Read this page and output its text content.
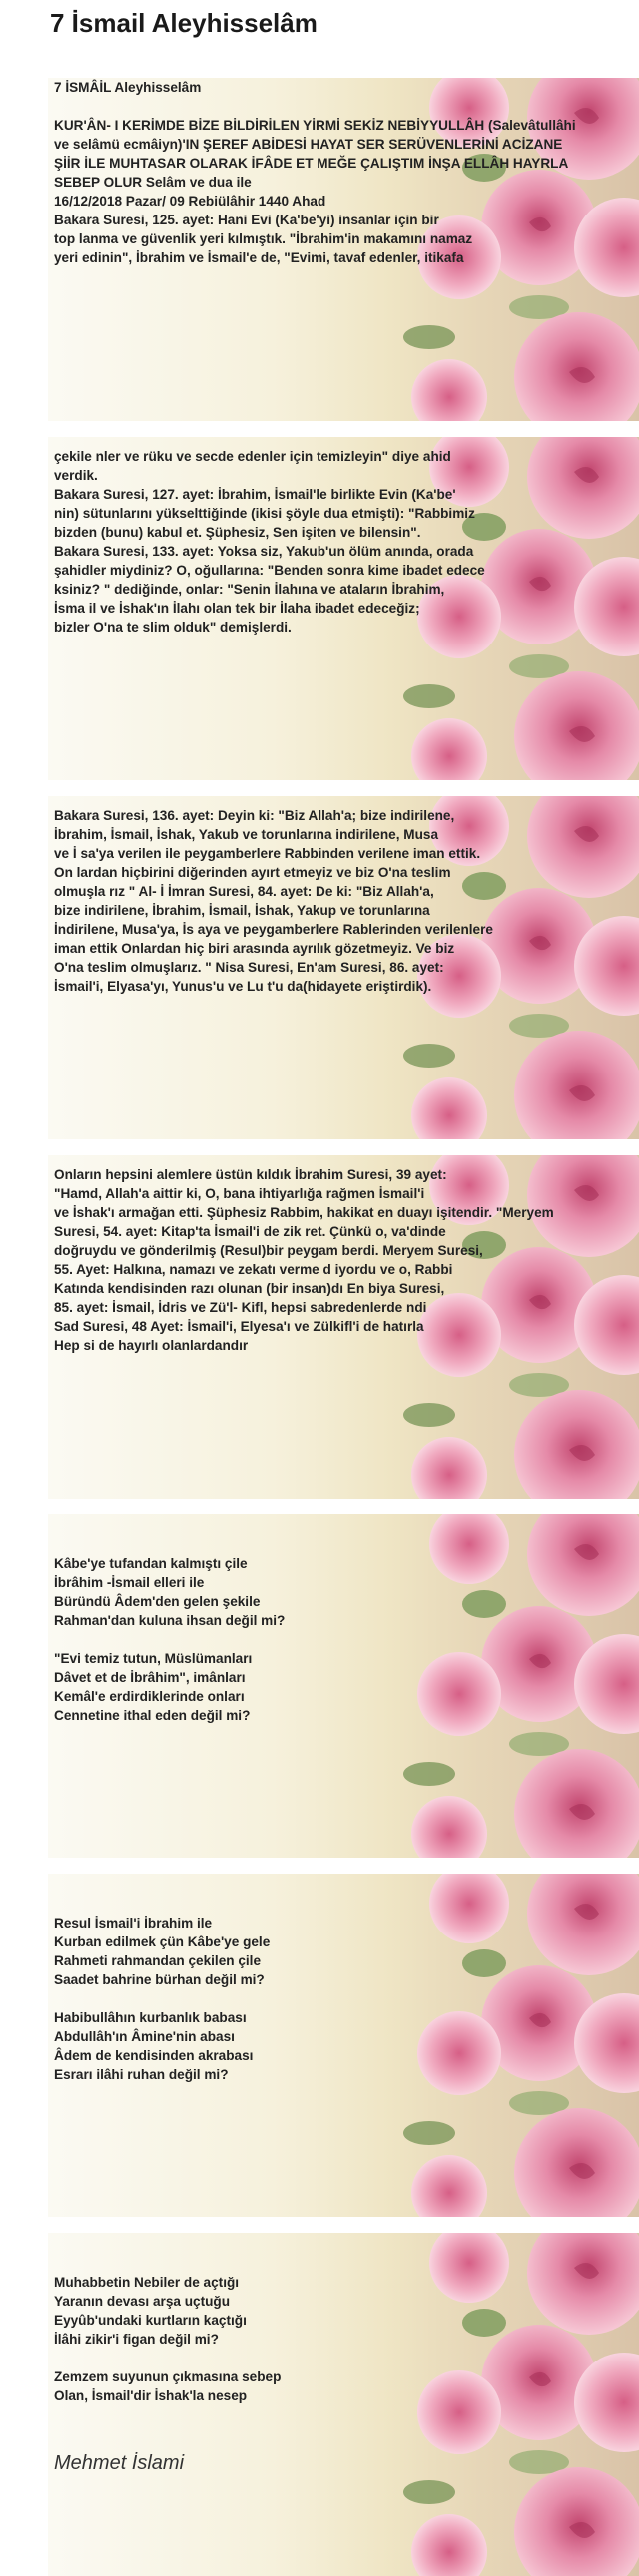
7 İsmail Aleyhisselâm
7 İSMÂİL Aleyhisselâm

KUR'ÂN- I KERİMDE BİZE BİLDİRİLEN YİRMİ SEKİZ NEBİYYULLÂH (Salevâtullâhi
ve selâmü ecmâiyn)'IN ŞEREF ABİDESİ HAYAT SER SERÜVENLERİNİ ACİZANE
ŞİİR İLE MUHTASAR OLARAK İFÂDE ET MEĞE ÇALIŞTIM İNŞA ELLÂH HAYRLA
SEBEP OLUR Selâm ve dua ile
16/12/2018 Pazar/ 09 Rebiülâhir 1440 Ahad
Bakara Suresi, 125. ayet: Hani Evi (Ka'be'yi) insanlar için bir
top lanma ve güvenlik yeri kılmıştık. "İbrahim'in makamını namaz
yeri edinin", İbrahim ve İsmail'e de, "Evimi, tavaf edenler, itikafa
çekile nler ve rüku ve secde edenler için temizleyin" diye ahid
verdik.
Bakara Suresi, 127. ayet: İbrahim, İsmail'le birlikte Evin (Ka'be'
nin) sütunlarını yükselttiğinde (ikisi şöyle dua etmişti): "Rabbimiz
bizden (bunu) kabul et. Şüphesiz, Sen işiten ve bilensin".
Bakara Suresi, 133. ayet: Yoksa siz, Yakub'un ölüm anında, orada
şahidler miydiniz? O, oğullarına: "Benden sonra kime ibadet edece
ksiniz? " dediğinde, onlar: "Senin İlahına ve ataların İbrahim,
İsma il ve İshak'ın İlahı olan tek bir İlaha ibadet edeceğiz;
bizler O'na te slim olduk" demişlerdi.
Bakara Suresi, 136. ayet: Deyin ki: "Biz Allah'a; bize indirilene,
İbrahim, İsmail, İshak, Yakub ve torunlarına indirilene, Musa
ve İ sa'ya verilen ile peygamberlere Rabbinden verilene iman ettik.
On lardan hiçbirini diğerinden ayırt etmeyiz ve biz O'na teslim
olmuşla rız " Al- İ İmran Suresi, 84. ayet: De ki: "Biz Allah'a,
bize indirilene, İbrahim, İsmail, İshak, Yakup ve torunlarına
İndirilene, Musa'ya, İs aya ve peygamberlere Rablerinden verilenlere
iman ettik Onlardan hiç biri arasında ayrılık gözetmeyiz. Ve biz
O'na teslim olmuşlarız. " Nisa Suresi, En'am Suresi, 86. ayet:
İsmail'i, Elyasa'yı, Yunus'u ve Lu t'u da(hidayete eriştirdik).
Onların hepsini alemlere üstün kıldık İbrahim Suresi, 39 ayet:
"Hamd, Allah'a aittir ki, O, bana ihtiyarlığa rağmen İsmail'i
ve İshak'ı armağan etti. Şüphesiz Rabbim, hakikat en duayı işitendir. "Meryem
Suresi, 54. ayet: Kitap'ta İsmail'i de zik ret. Çünkü o, va'dinde
doğruydu ve gönderilmiş (Resul)bir peygam berdi. Meryem Suresi,
55. Ayet: Halkına, namazı ve zekatı verme d iyordu ve o, Rabbi
Katında kendisinden razı olunan (bir insan)dı En biya Suresi,
85. ayet: İsmail, İdris ve Zü'l- Kifl, hepsi sabredenlerde ndi
Sad Suresi, 48 Ayet: İsmail'i, Elyesa'ı ve Zülkifl'i de hatırla
Hep si de hayırlı olanlardandır
Kâbe'ye tufandan kalmıştı çile
İbrâhim -İsmail elleri ile
Büründü Âdem'den gelen şekile
Rahman'dan kuluna ihsan değil mi?

"Evi temiz tutun, Müslümanları
Dâvet et de İbrâhim", imânları
Kemâl'e erdirdiklerinde onları
Cennetine ithal eden değil mi?
Resul İsmail'i İbrahim ile
Kurban edilmek çün Kâbe'ye gele
Rahmeti rahmandan çekilen çile
Saadet bahrine bürhan değil mi?

Habibullâhın kurbanlık babası
Abdullâh'ın Âmine'nin abası
Âdem de kendisinden akrabası
Esrarı ilâhi ruhan değil mi?
Muhabbetin Nebiler de açtığı
Yaranın devası arşa uçtuğu
Eyyûb'undaki kurtların kaçtığı
İlâhi zikir'i figan değil mi?

Zemzem suyunun çıkmasına sebep
Olan, İsmail'dir İshak'la nesep
Mehmet İslami
